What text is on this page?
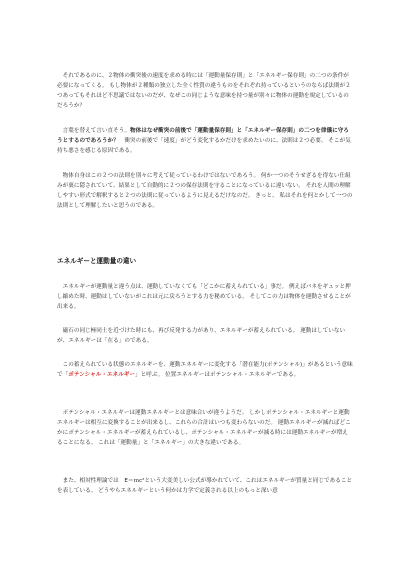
　それであるのに、２物体の衝突後の速度を求める時には「運動量保存則」と「エネルギー保存則」の二つの条件が必要になってくる。 もし物体が２種類の独立した全く性質の違うものをそれぞれ持っているというのならば法則が２つあってもそれほど不思議ではないのだが、なぜこの同じような意味を持つ量が別々に物体の運動を規定しているのだろうか？

　言葉を替えて言い直そう。物体はなぜ衝突の前後で「運動量保存則」と「エネルギー保存則」の二つを律儀に守ろうとするのであろうか？　衝突の前後で「速度」がどう変化するかだけを求めたいのに、法則は２つ必要。 そこが気持ち悪さを感じる原因である。

　物体自身はこの２つの法則を別々に考えて従っているわけではないであろう。 何か一つのそうせざるを得ない仕組みが裏に隠されていて、結果として自動的に２つの保存法則を守ることになっているに違いない。 それを人間の理解しやすい形式で解釈すると２つの法則に従っているように見えるだけなのだ。 きっと、 私はそれを何とかして一つの法則として理解したいと思うのである。

エネルギーと運動量の違い

　エネルギーが運動量と違う点は、運動していなくても「どこかに蓄えられている」事だ。 例えばバネをギュッと押し縮めた時、運動はしていないがこれは元に戻ろうとする力を秘めている。 そしてこの力は物体を運動させることが出来る。

　磁石の同じ極同士を近づけた時にも、再び反発する力があり、エネルギーが蓄えられている。 運動はしていないが、エネルギーは「在る」のである。

　この蓄えられている状態のエネルギーを、運動エネルギーに変化する「潜在能力(ポテンシャル)」があるという意味で「ポテンシャル・エネルギー」と呼ぶ。 位置エネルギーはポテンシャル・エネルギーである。

　ポテンシャル・エネルギーは運動エネルギーとは意味合いが違うようだ。 しかしポテンシャル・エネルギーと運動エネルギーは相互に変換することが出来るし、これらの合計はいつも変わらないのだ。 運動エネルギーが減ればどこかにポテンシャル・エネルギーが蓄えられているし、ポテンシャル・エネルギーが減る時には運動エネルギーが増えることになる。 これは「運動量」と「エネルギー」の大きな違いである。

　また、相対性理論では　E＝ｍc²という大変美しい公式が導かれていて、これはエネルギーが質量と同じであることを表している。 どうやらエネルギーという何かは力学で定義される以上のもっと深い意
